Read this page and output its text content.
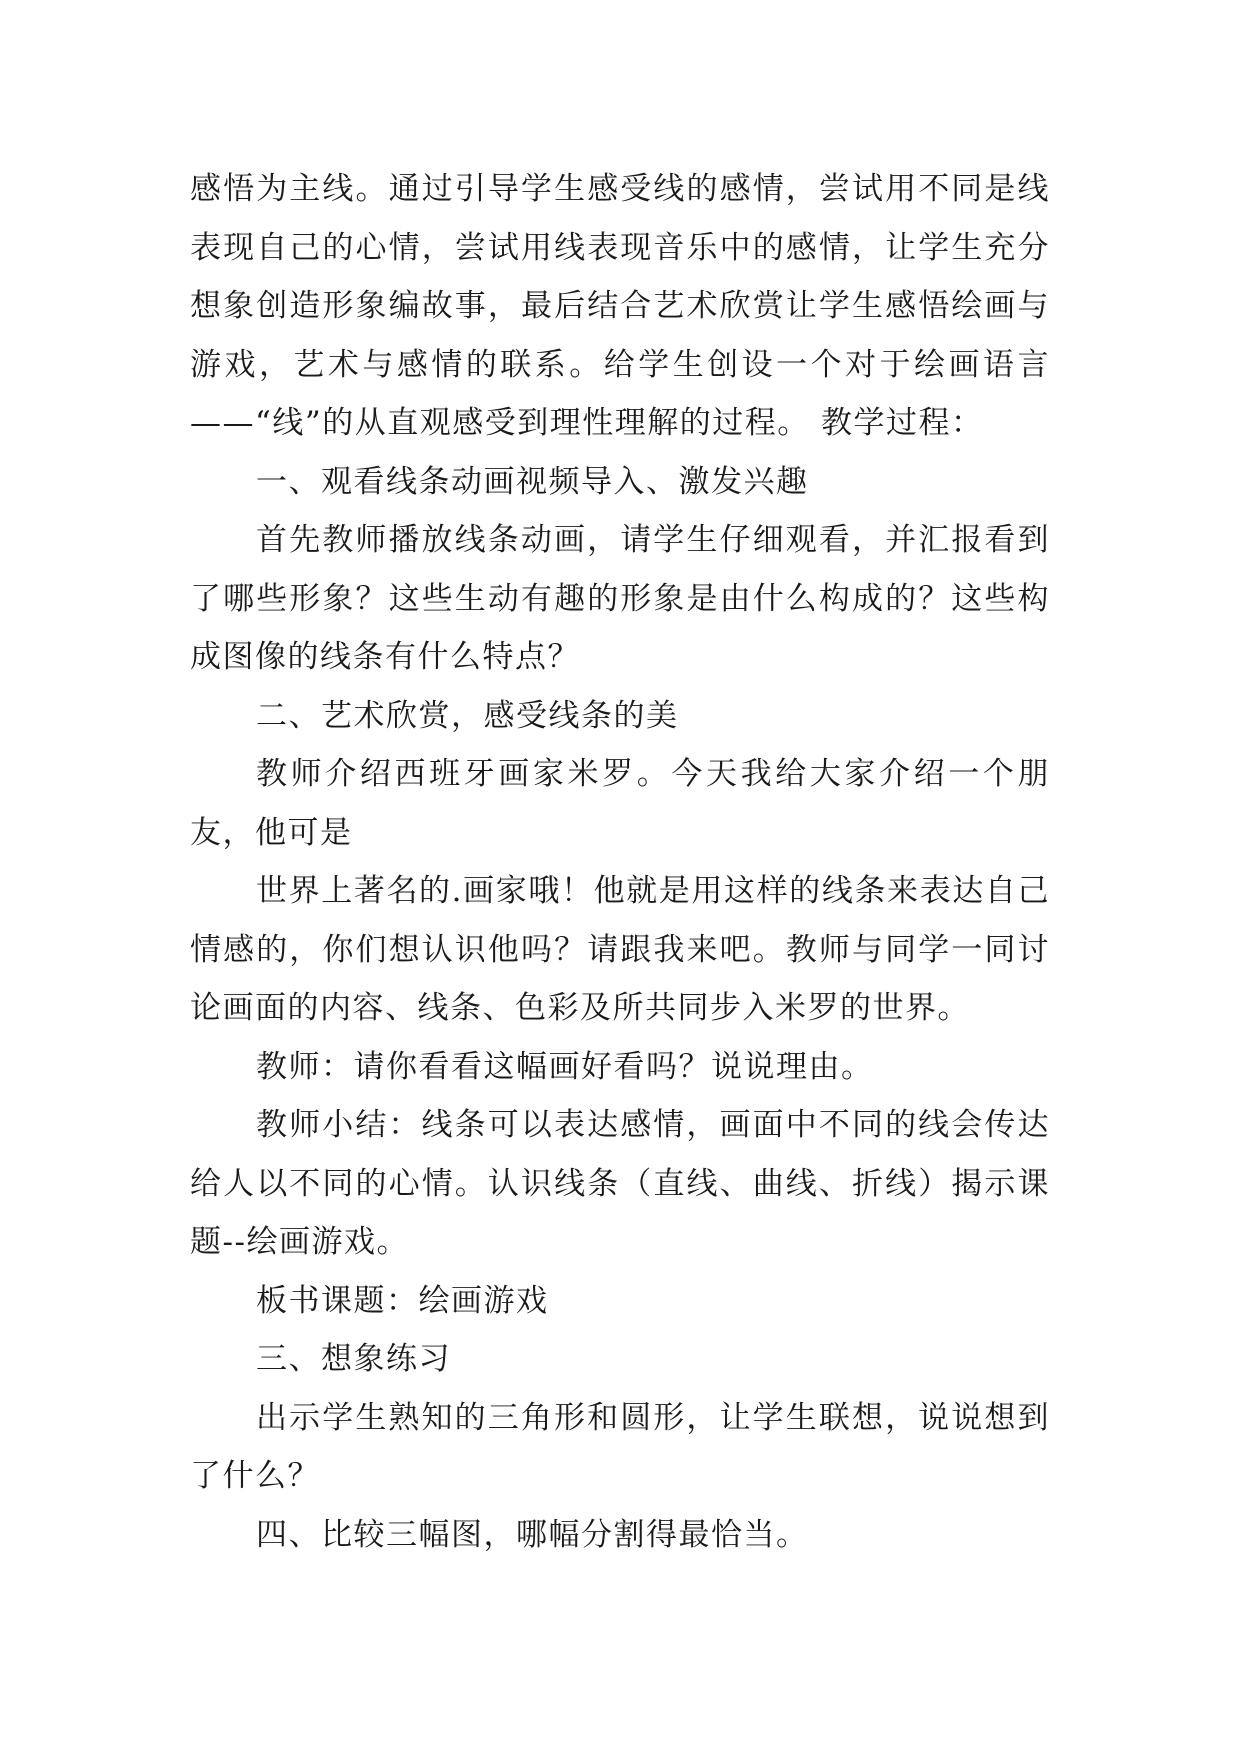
感悟为主线。通过引导学生感受线的感情，尝试用不同是线表现自己的心情，尝试用线表现音乐中的感情，让学生充分想象创造形象编故事，最后结合艺术欣赏让学生感悟绘画与游戏，艺术与感情的联系。给学生创设一个对于绘画语言——“线”的从直观感受到理性理解的过程。 教学过程：

一、观看线条动画视频导入、激发兴趣

首先教师播放线条动画，请学生仔细观看，并汇报看到了哪些形象？这些生动有趣的形象是由什么构成的？这些构成图像的线条有什么特点？

二、艺术欣赏，感受线条的美

教师介绍西班牙画家米罗。今天我给大家介绍一个朋友，他可是

世界上著名的.画家哦！他就是用这样的线条来表达自己情感的，你们想认识他吗？请跟我来吧。教师与同学一同讨论画面的内容、线条、色彩及所共同步入米罗的世界。

教师：请你看看这幅画好看吗？说说理由。

教师小结：线条可以表达感情，画面中不同的线会传达给人以不同的心情。认识线条（直线、曲线、折线）揭示课题--绘画游戏。

板书课题：绘画游戏

三、想象练习

出示学生熟知的三角形和圆形，让学生联想，说说想到了什么？

四、比较三幅图，哪幅分割得最恰当。
